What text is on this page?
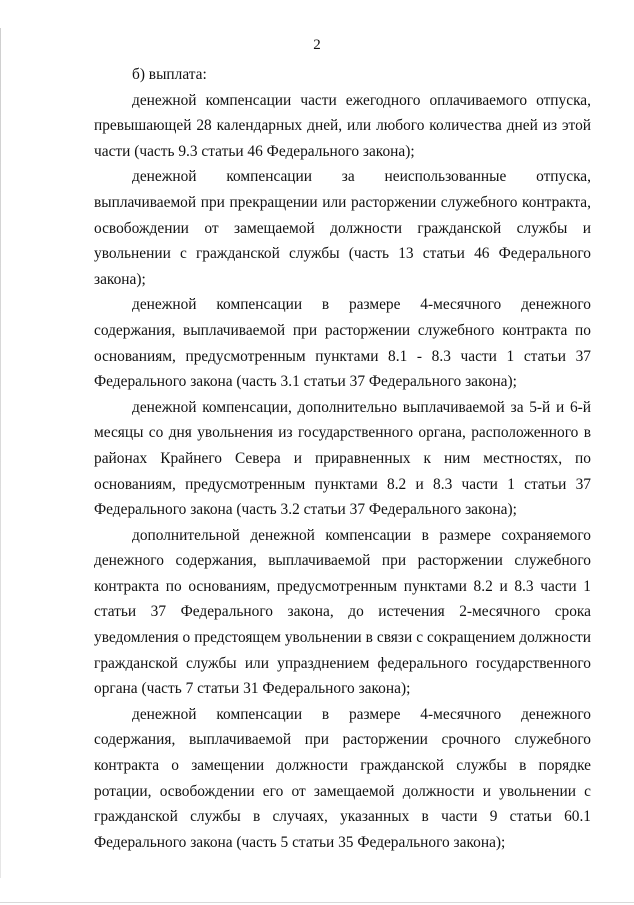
2

б) выплата:

денежной компенсации части ежегодного оплачиваемого отпуска, превышающей 28 календарных дней, или любого количества дней из этой части (часть 9.3 статьи 46 Федерального закона);

денежной компенсации за неиспользованные отпуска, выплачиваемой при прекращении или расторжении служебного контракта, освобождении от замещаемой должности гражданской службы и увольнении с гражданской службы (часть 13 статьи 46 Федерального закона);

денежной компенсации в размере 4-месячного денежного содержания, выплачиваемой при расторжении служебного контракта по основаниям, предусмотренным пунктами 8.1 - 8.3 части 1 статьи 37 Федерального закона (часть 3.1 статьи 37 Федерального закона);

денежной компенсации, дополнительно выплачиваемой за 5-й и 6-й месяцы со дня увольнения из государственного органа, расположенного в районах Крайнего Севера и приравненных к ним местностях, по основаниям, предусмотренным пунктами 8.2 и 8.3 части 1 статьи 37 Федерального закона (часть 3.2 статьи 37 Федерального закона);

дополнительной денежной компенсации в размере сохраняемого денежного содержания, выплачиваемой при расторжении служебного контракта по основаниям, предусмотренным пунктами 8.2 и 8.3 части 1 статьи 37 Федерального закона, до истечения 2-месячного срока уведомления о предстоящем увольнении в связи с сокращением должности гражданской службы или упразднением федерального государственного органа (часть 7 статьи 31 Федерального закона);

денежной компенсации в размере 4-месячного денежного содержания, выплачиваемой при расторжении срочного служебного контракта о замещении должности гражданской службы в порядке ротации, освобождении его от замещаемой должности и увольнении с гражданской службы в случаях, указанных в части 9 статьи 60.1 Федерального закона (часть 5 статьи 35 Федерального закона);
